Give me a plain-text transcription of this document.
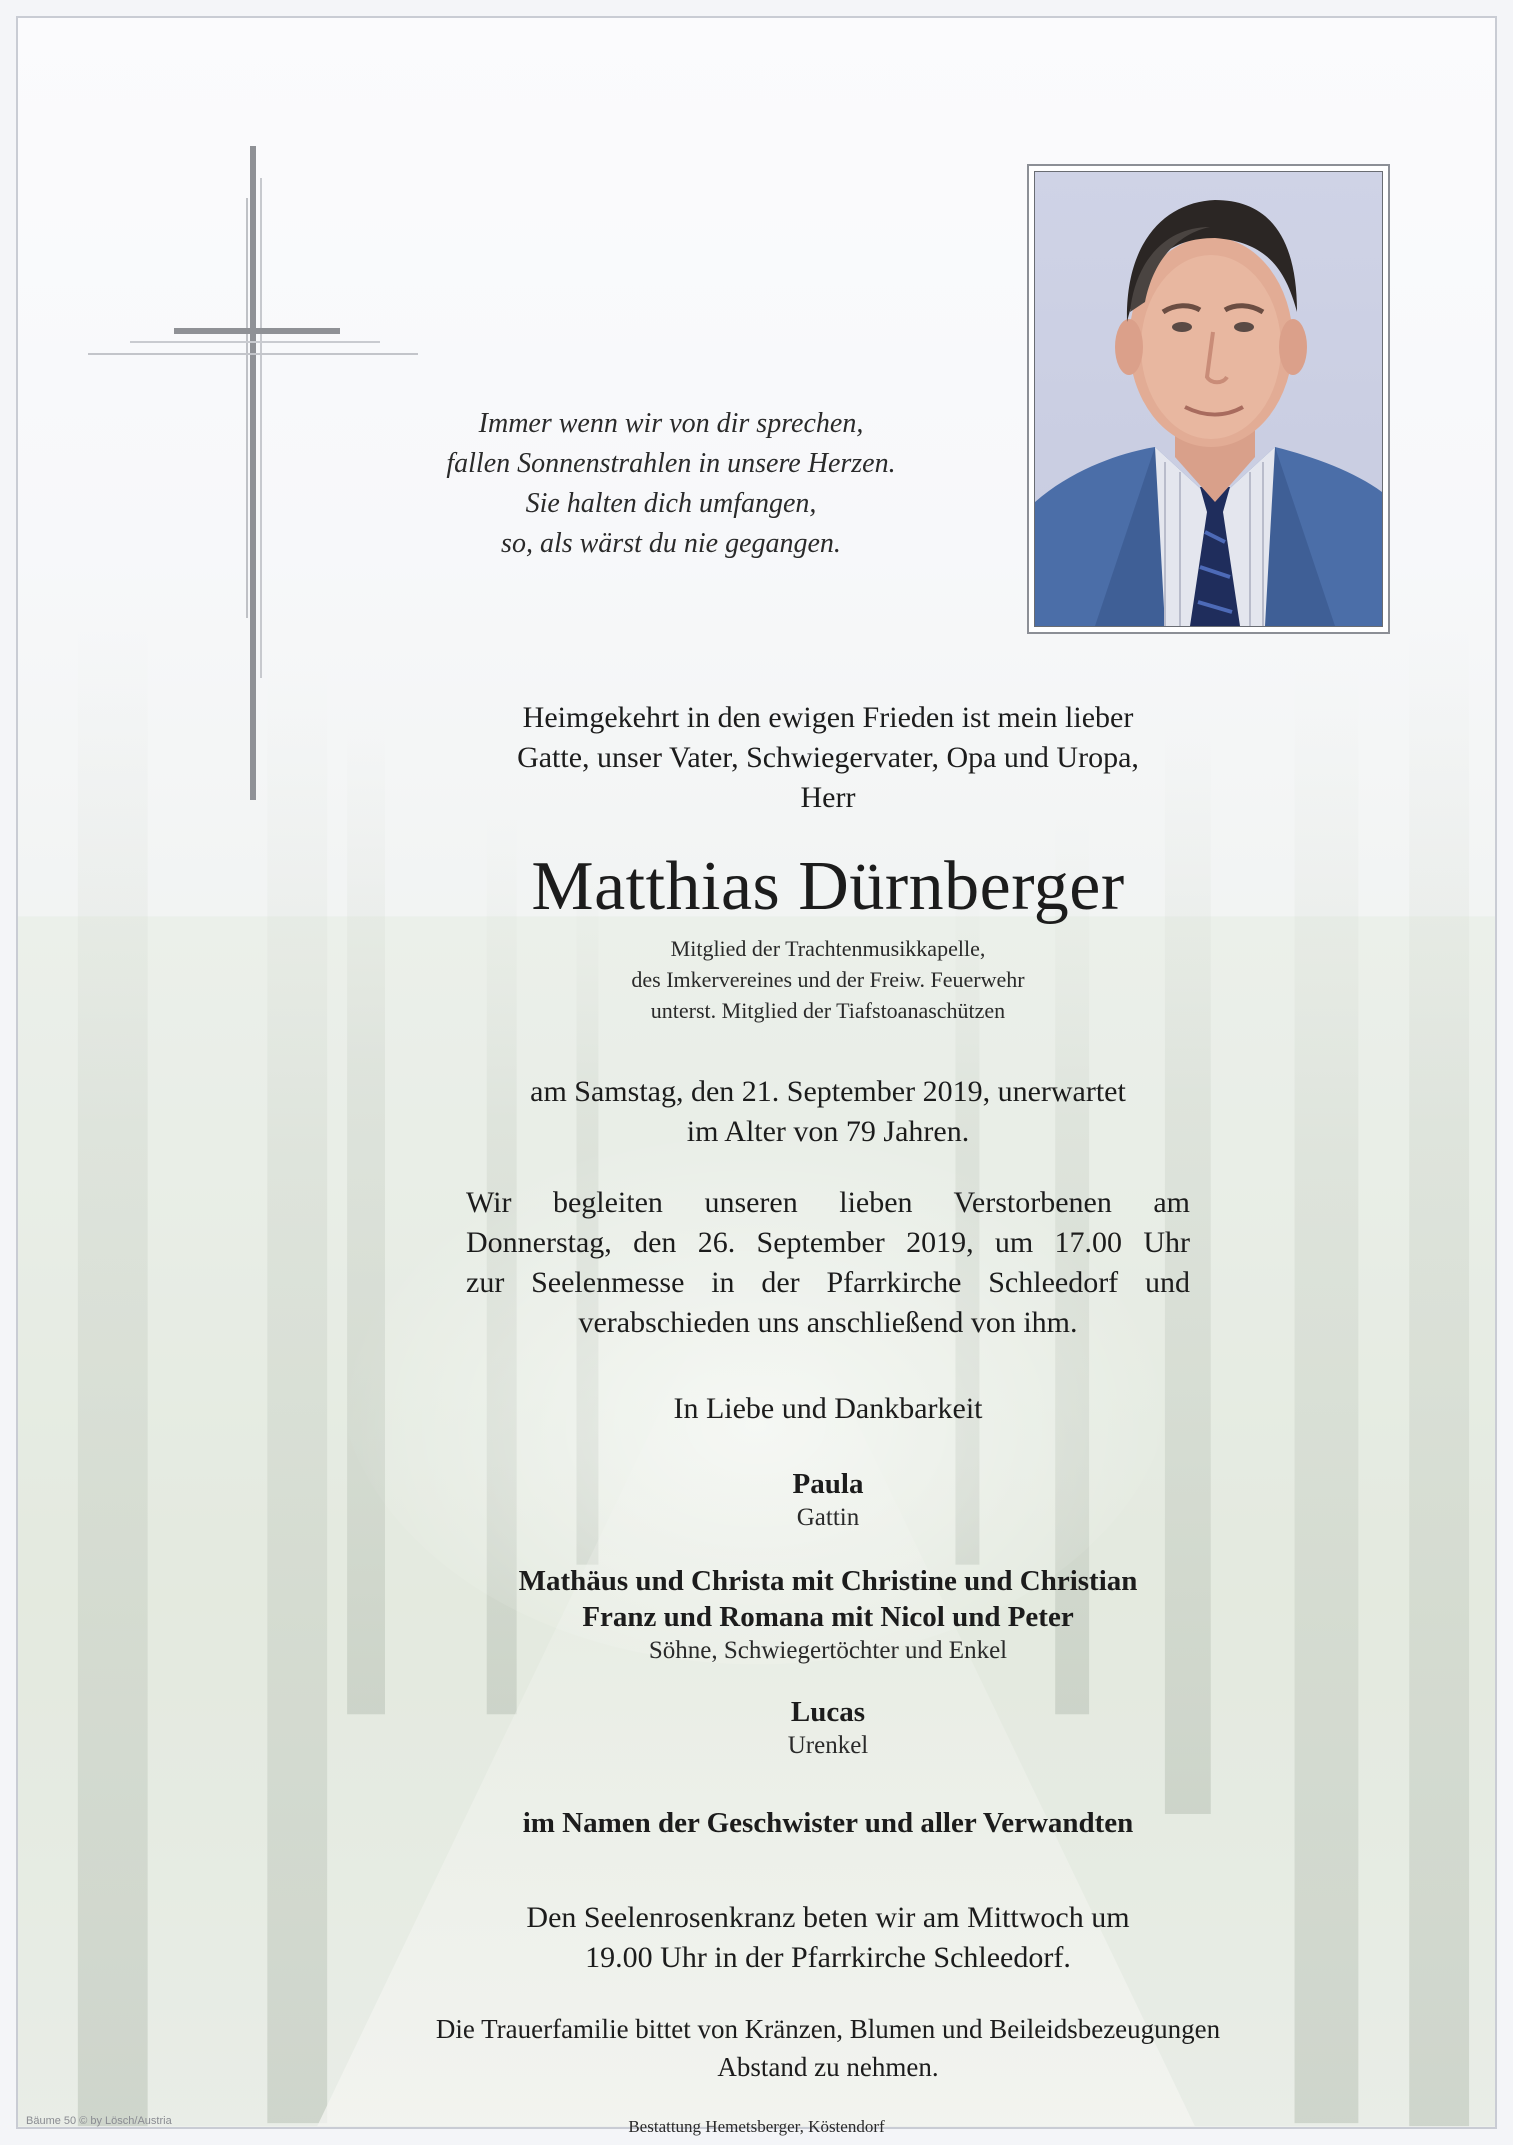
Immer wenn wir von dir sprechen,
fallen Sonnenstrahlen in unsere Herzen.
Sie halten dich umfangen,
so, als wärst du nie gegangen.
Heimgekehrt in den ewigen Frieden ist mein lieber
Gatte, unser Vater, Schwiegervater, Opa und Uropa,
Herr
Matthias Dürnberger
Mitglied der Trachtenmusikkapelle,
des Imkervereines und der Freiw. Feuerwehr
unterst. Mitglied der Tiafstoanaschützen
am Samstag, den 21. September 2019, unerwartet
im Alter von 79 Jahren.
Wir begleiten unseren lieben Verstorbenen am
Donnerstag, den 26. September 2019, um 17.00 Uhr
zur Seelenmesse in der Pfarrkirche Schleedorf und
verabschieden uns anschließend von ihm.
In Liebe und Dankbarkeit
Paula
Gattin
Mathäus und Christa mit Christine und Christian
Franz und Romana mit Nicol und Peter
Söhne, Schwiegertöchter und Enkel
Lucas
Urenkel
im Namen der Geschwister und aller Verwandten
Den Seelenrosenkranz beten wir am Mittwoch um
19.00 Uhr in der Pfarrkirche Schleedorf.
Die Trauerfamilie bittet von Kränzen, Blumen und Beileidsbezeugungen
Abstand zu nehmen.
Bäume 50 © by Lösch/Austria	Bestattung Hemetsberger, Köstendorf
